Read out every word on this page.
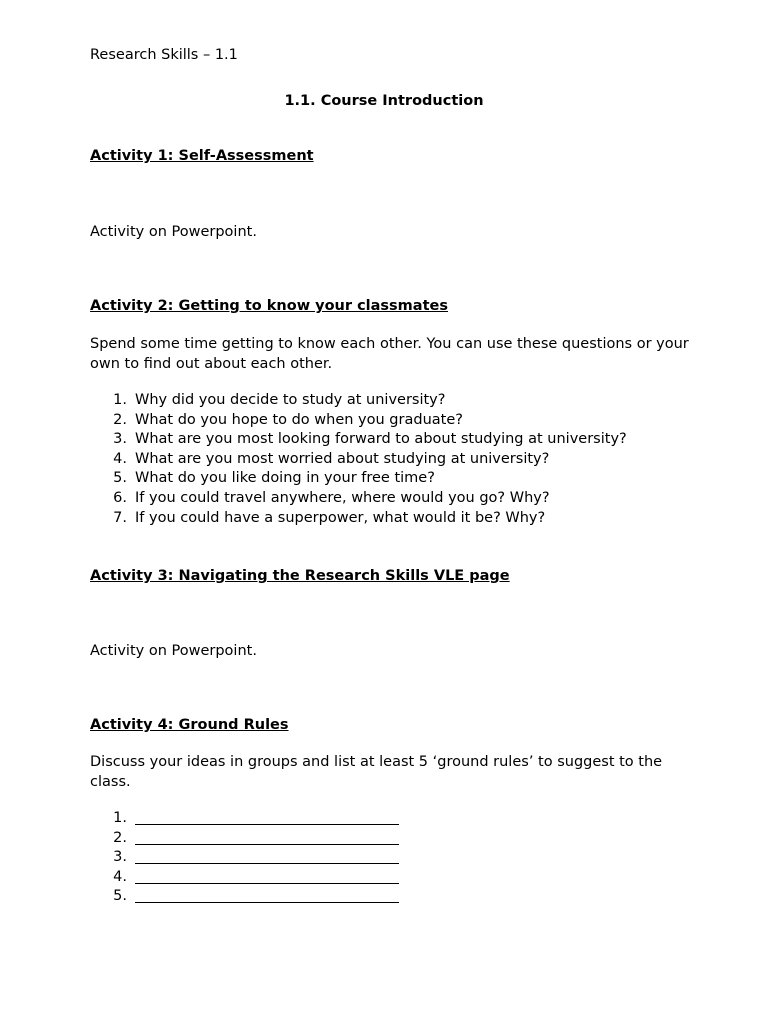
Research Skills – 1.1
1.1. Course Introduction
Activity 1: Self-Assessment

Activity on Powerpoint.

Activity 2: Getting to know your classmates

Spend some time getting to know each other. You can use these questions or your own to find out about each other.

1. Why did you decide to study at university?
2. What do you hope to do when you graduate?
3. What are you most looking forward to about studying at university?
4. What are you most worried about studying at university?
5. What do you like doing in your free time?
6. If you could travel anywhere, where would you go? Why?
7. If you could have a superpower, what would it be? Why?
Activity 3: Navigating the Research Skills VLE page

Activity on Powerpoint.

Activity 4: Ground Rules

Discuss your ideas in groups and list at least 5 ‘ground rules’ to suggest to the class.

1.
2.
3.
4.
5.
